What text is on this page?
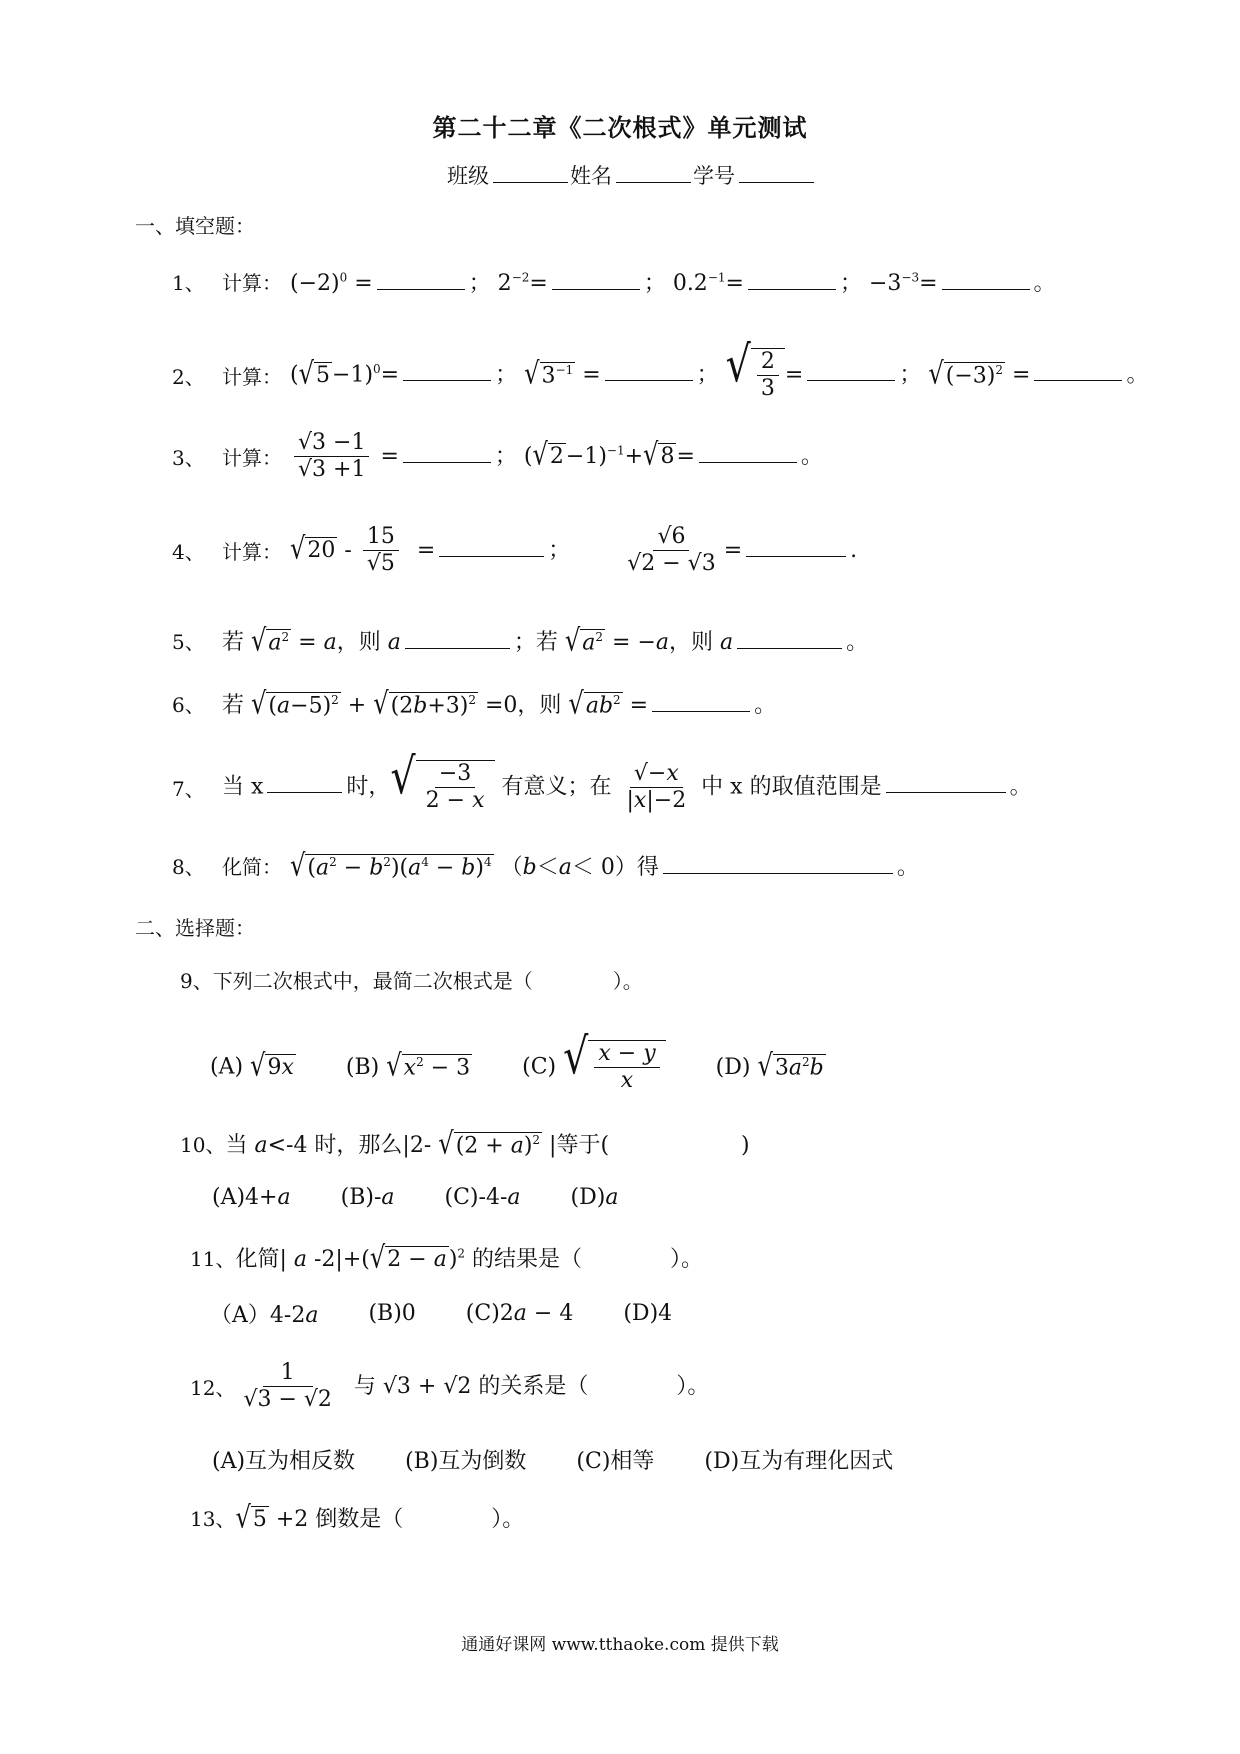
第二十二章《二次根式》单元测试
班级	姓名	学号
一、填空题：
1、 计算： $(-2)^0$ =	； $2^{-2}=$	； $0.2^{-1}=$	； $-3^{-3}=$	。
2、 计算： ( √ 5 −1)$^0$=	； √ $3^{-1}$ =	； √ $\frac{2}{3}$ =	； √ $(-3)^2$ =	。
3、 计算： $\frac{√3 -1}{√3 +1}$ =	； ( √ 2 −1)$^{-1}$+ √ 8 =	。
4、 计算： √ $20 - \frac{15}{√5}$ =	； $\frac{√6}{√2 - √3}$ =	.
5、 若 √ $a^2 = a$，则 a	；若 √ $a^2 = -a$，则 a	。
6、 若 √ $(a-5)^2$ + √ $(2b+3)^2 =0$，则 √ $ab^2$ =	。
7、 当 x	时， √ $\frac{-3}{2 - x}$ 有意义；在 $\frac{√-x}{|x|-2}$ 中 x 的取值范围是	。
8、 化简： √ $(a^2 - b^2)(a^4 - b)^4$ （b＜a＜ 0）得	。
二、选择题：
9、下列二次根式中，最简二次根式是（　　　　）。
(A) √ 9x (B) √ $x^2 - 3$ (C) √ $\frac{x - y}{x}$	(D) √ $3a^2b$
10、 当 a<-4 时，那么|2- √ $(2 + a)^2$ |等于(　　　　　　)
(A)4+a (B)-a (C)-4-a (D)a
11、 化简| a -2|+( √ 2 − a )$^2$ 的结果是（　　　　）。
（A）4-2a (B)0 (C)2a − 4 (D)4
12、 $\frac{1}{√3 - √2}$ 与 √3 + √2 的关系是（　　　　）。
(A)互为相反数 (B)互为倒数 (C)相等 (D)互为有理化因式
13、 √ 5 +2 倒数是（　　　　）。
通通好课网 www.tthaoke.com 提供下载
